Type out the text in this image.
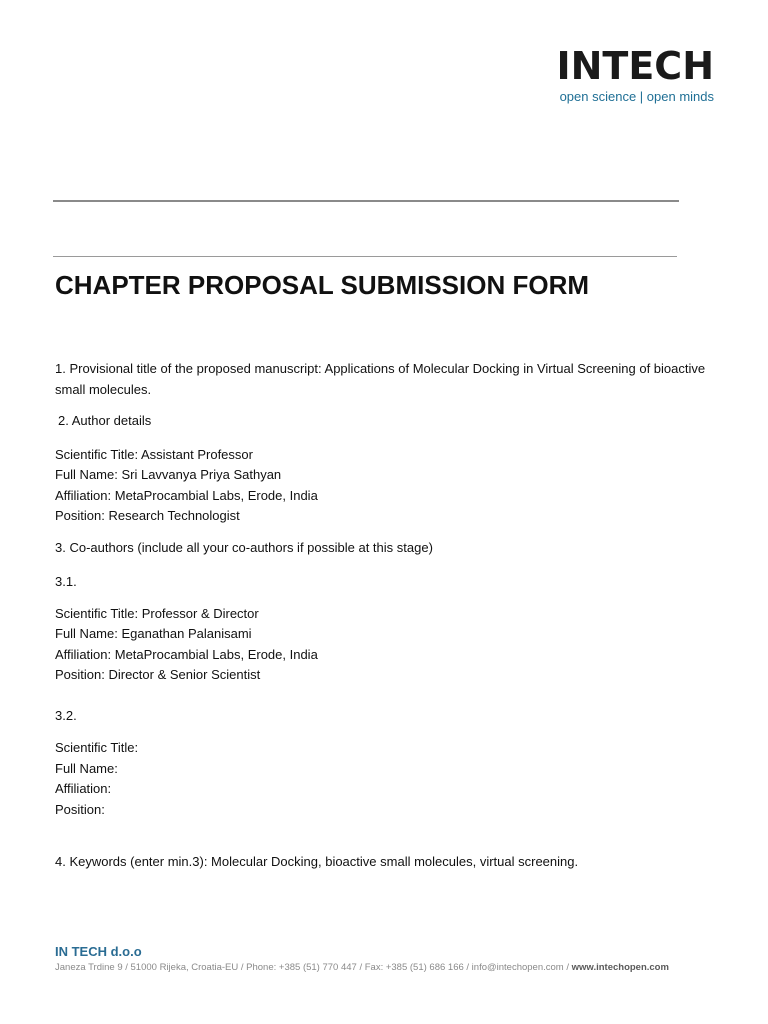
INTECH
open science | open minds
CHAPTER PROPOSAL SUBMISSION FORM
1. Provisional title of the proposed manuscript: Applications of Molecular Docking in Virtual Screening of bioactive small molecules.
2. Author details
Scientific Title: Assistant Professor
Full Name: Sri Lavvanya Priya Sathyan
Affiliation: MetaProcambial Labs, Erode, India
Position: Research Technologist
3. Co-authors (include all your co-authors if possible at this stage)
3.1.
Scientific Title: Professor & Director
Full Name: Eganathan Palanisami
Affiliation: MetaProcambial Labs, Erode, India
Position: Director & Senior Scientist
3.2.
Scientific Title:
Full Name:
Affiliation:
Position:
4. Keywords (enter min.3): Molecular Docking, bioactive small molecules, virtual screening.
IN TECH d.o.o
Janeza Trdine 9 / 51000 Rijeka, Croatia-EU / Phone: +385 (51) 770 447 / Fax: +385 (51) 686 166 / info@intechopen.com / www.intechopen.com
